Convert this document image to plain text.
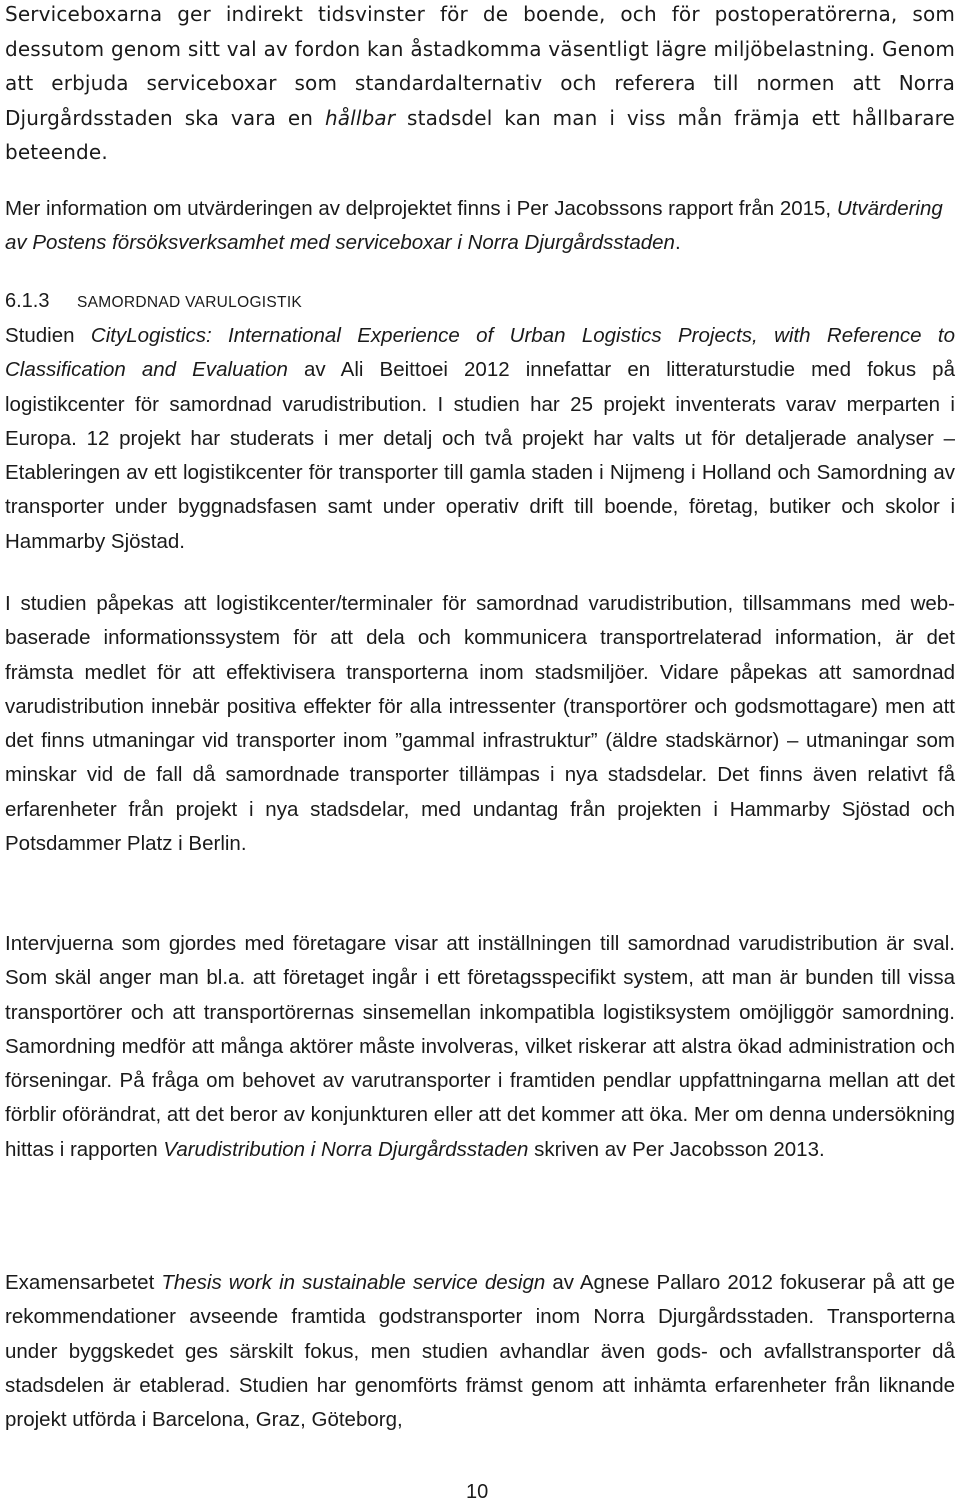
Serviceboxarna ger indirekt tidsvinster för de boende, och för postoperatörerna, som dessutom genom sitt val av fordon kan åstadkomma väsentligt lägre miljöbelastning. Genom att erbjuda serviceboxar som standardalternativ och referera till normen att Norra Djurgårdsstaden ska vara en hållbar stadsdel kan man i viss mån främja ett hållbarare beteende.

Mer information om utvärderingen av delprojektet finns i Per Jacobssons rapport från 2015, Utvärdering av Postens försöksverksamhet med serviceboxar i Norra Djurgårdsstaden.

6.1.3 SAMORDNAD VARULOGISTIK

Studien CityLogistics: International Experience of Urban Logistics Projects, with Reference to Classification and Evaluation av Ali Beittoei 2012 innefattar en litteraturstudie med fokus på logistikcenter för samordnad varudistribution. I studien har 25 projekt inventerats varav merparten i Europa. 12 projekt har studerats i mer detalj och två projekt har valts ut för detaljerade analyser – Etableringen av ett logistikcenter för transporter till gamla staden i Nijmeng i Holland och Samordning av transporter under byggnadsfasen samt under operativ drift till boende, företag, butiker och skolor i Hammarby Sjöstad.

I studien påpekas att logistikcenter/terminaler för samordnad varudistribution, tillsammans med web-baserade informationssystem för att dela och kommunicera transportrelaterad information, är det främsta medlet för att effektivisera transporterna inom stadsmiljöer. Vidare påpekas att samordnad varudistribution innebär positiva effekter för alla intressenter (transportörer och godsmottagare) men att det finns utmaningar vid transporter inom ”gammal infrastruktur” (äldre stadskärnor) – utmaningar som minskar vid de fall då samordnade transporter tillämpas i nya stadsdelar. Det finns även relativt få erfarenheter från projekt i nya stadsdelar, med undantag från projekten i Hammarby Sjöstad och Potsdammer Platz i Berlin.

Intervjuerna som gjordes med företagare visar att inställningen till samordnad varudistribution är sval. Som skäl anger man bl.a. att företaget ingår i ett företagsspecifikt system, att man är bunden till vissa transportörer och att transportörernas sinsemellan inkompatibla logistiksystem omöjliggör samordning. Samordning medför att många aktörer måste involveras, vilket riskerar att alstra ökad administration och förseningar. På fråga om behovet av varutransporter i framtiden pendlar uppfattningarna mellan att det förblir oförändrat, att det beror av konjunkturen eller att det kommer att öka. Mer om denna undersökning hittas i rapporten Varudistribution i Norra Djurgårdsstaden skriven av Per Jacobsson 2013.

Examensarbetet Thesis work in sustainable service design av Agnese Pallaro 2012 fokuserar på att ge rekommendationer avseende framtida godstransporter inom Norra Djurgårdsstaden. Transporterna under byggskedet ges särskilt fokus, men studien avhandlar även gods- och avfallstransporter då stadsdelen är etablerad. Studien har genomförts främst genom att inhämta erfarenheter från liknande projekt utförda i Barcelona, Graz, Göteborg,

10
